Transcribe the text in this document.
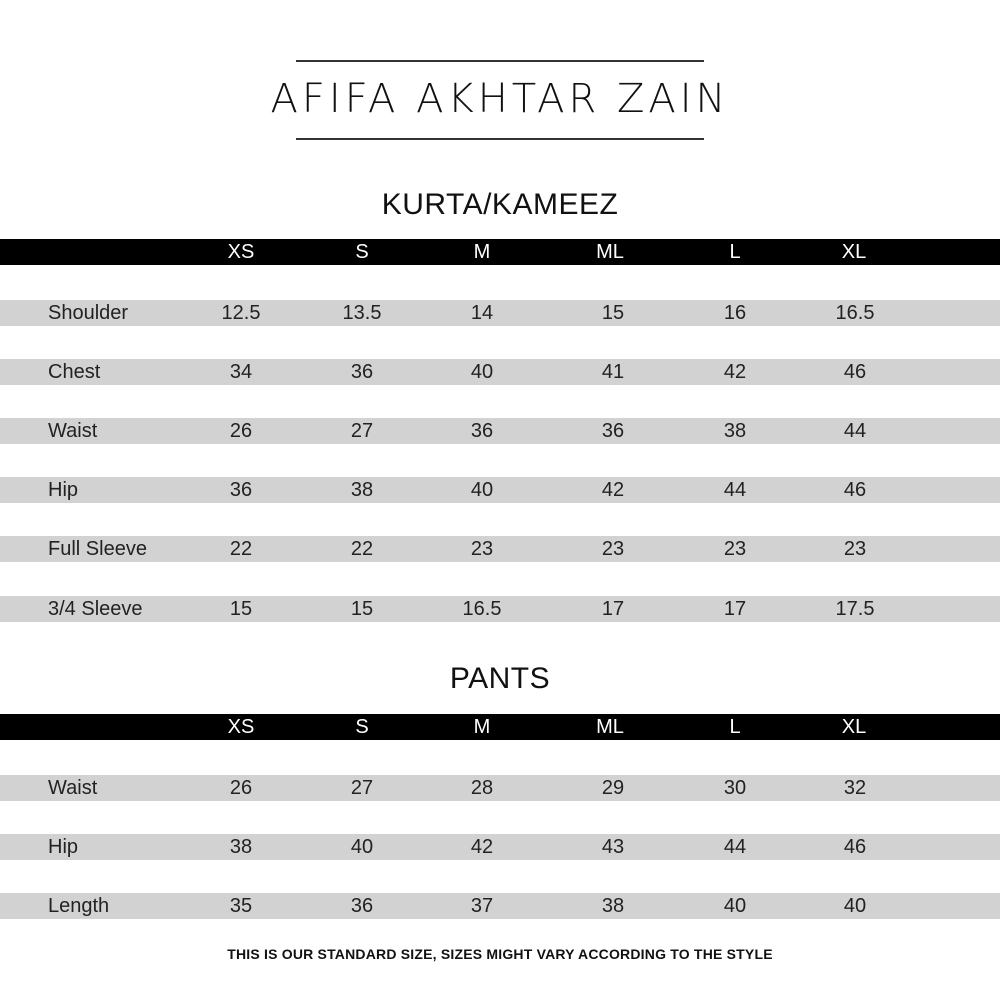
AFIFA AKHTAR ZAIN
KURTA/KAMEEZ
XS	S	M	ML	L	XL
Shoulder	12.5	13.5	14	15	16	16.5
Chest	34	36	40	41	42	46
Waist	26	27	36	36	38	44
Hip	36	38	40	42	44	46
Full Sleeve	22	22	23	23	23	23
3/4 Sleeve	15	15	16.5	17	17	17.5
PANTS
XS	S	M	ML	L	XL
Waist	26	27	28	29	30	32
Hip	38	40	42	43	44	46
Length	35	36	37	38	40	40
THIS IS OUR STANDARD SIZE, SIZES MIGHT VARY ACCORDING TO THE STYLE
